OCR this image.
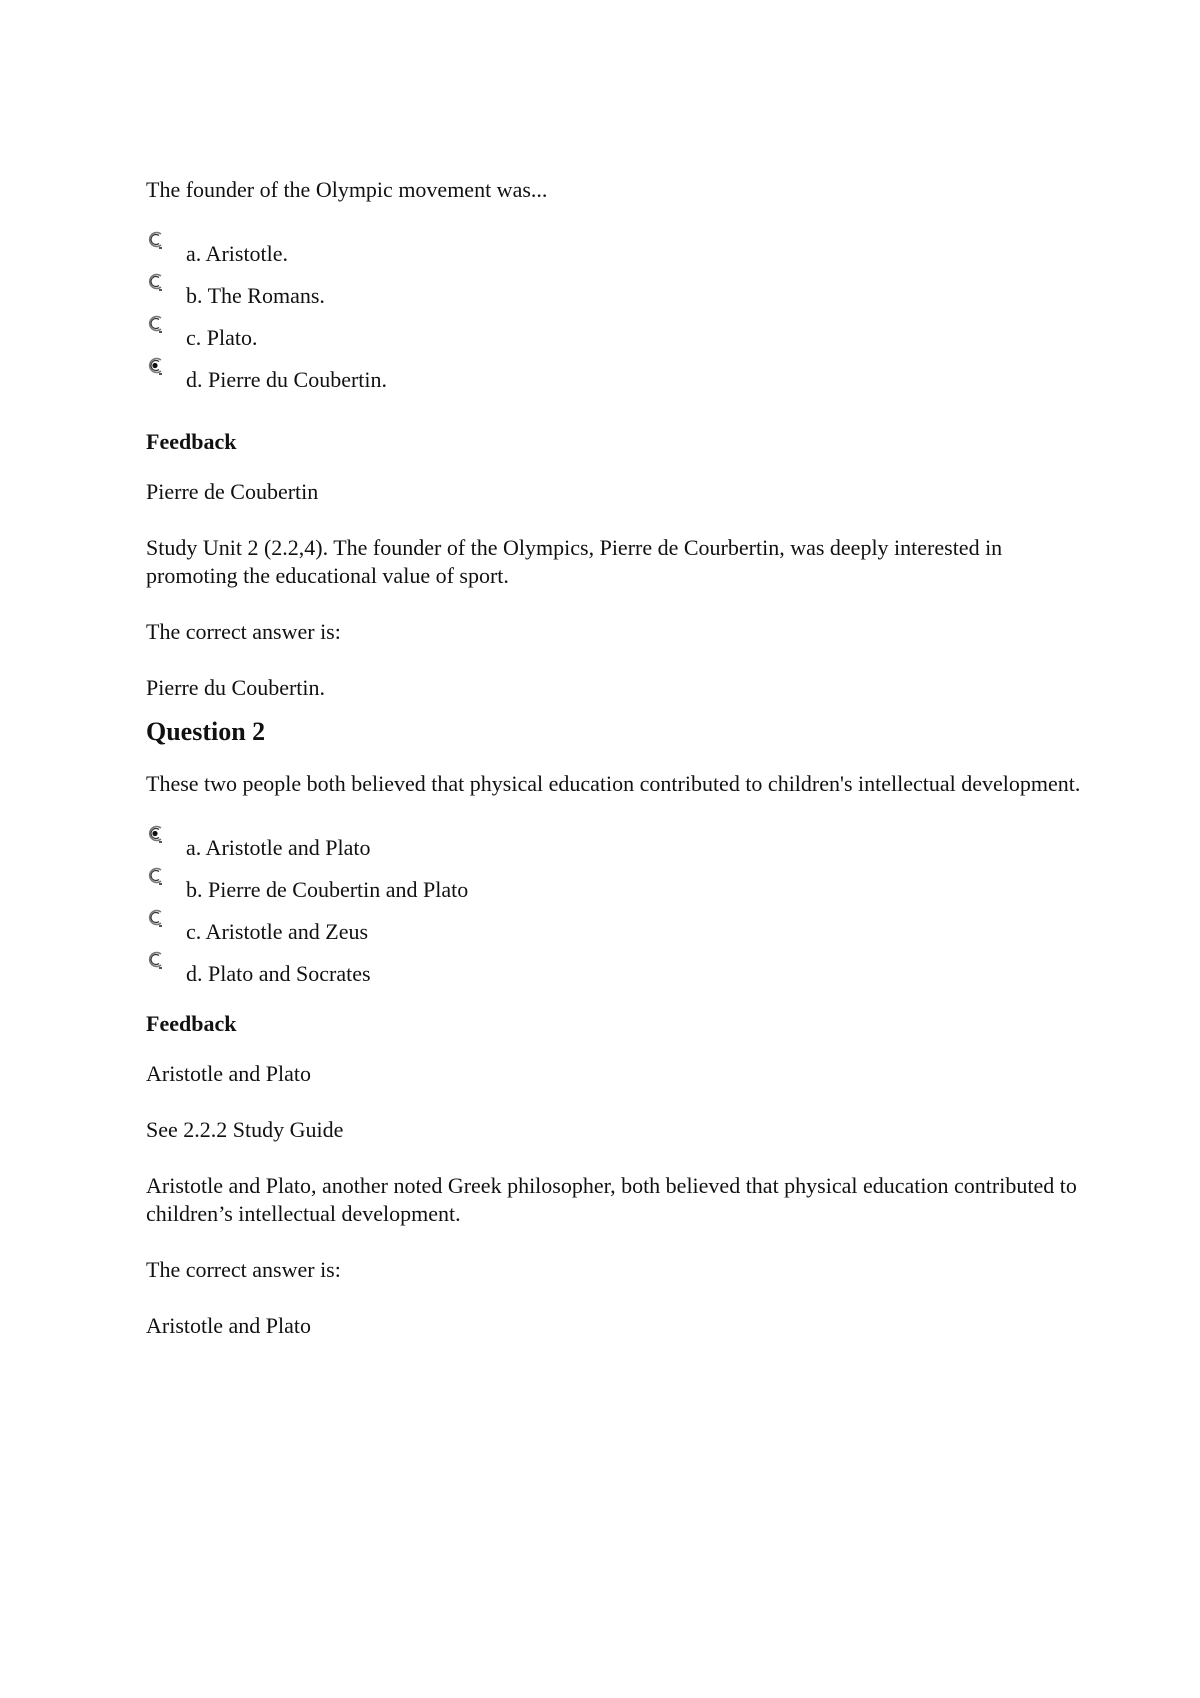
The founder of the Olympic movement was...

a. Aristotle.
b. The Romans.
c. Plato.
d. Pierre du Coubertin.

Feedback

Pierre de Coubertin

Study Unit 2 (2.2,4). The founder of the Olympics, Pierre de Courbertin, was deeply interested in promoting the educational value of sport.

The correct answer is:

Pierre du Coubertin.

Question 2

These two people both believed that physical education contributed to children's intellectual development.

a. Aristotle and Plato
b. Pierre de Coubertin and Plato
c. Aristotle and Zeus
d. Plato and Socrates

Feedback

Aristotle and Plato

See 2.2.2 Study Guide

Aristotle and Plato, another noted Greek philosopher, both believed that physical education contributed to children’s intellectual development.

The correct answer is:

Aristotle and Plato
